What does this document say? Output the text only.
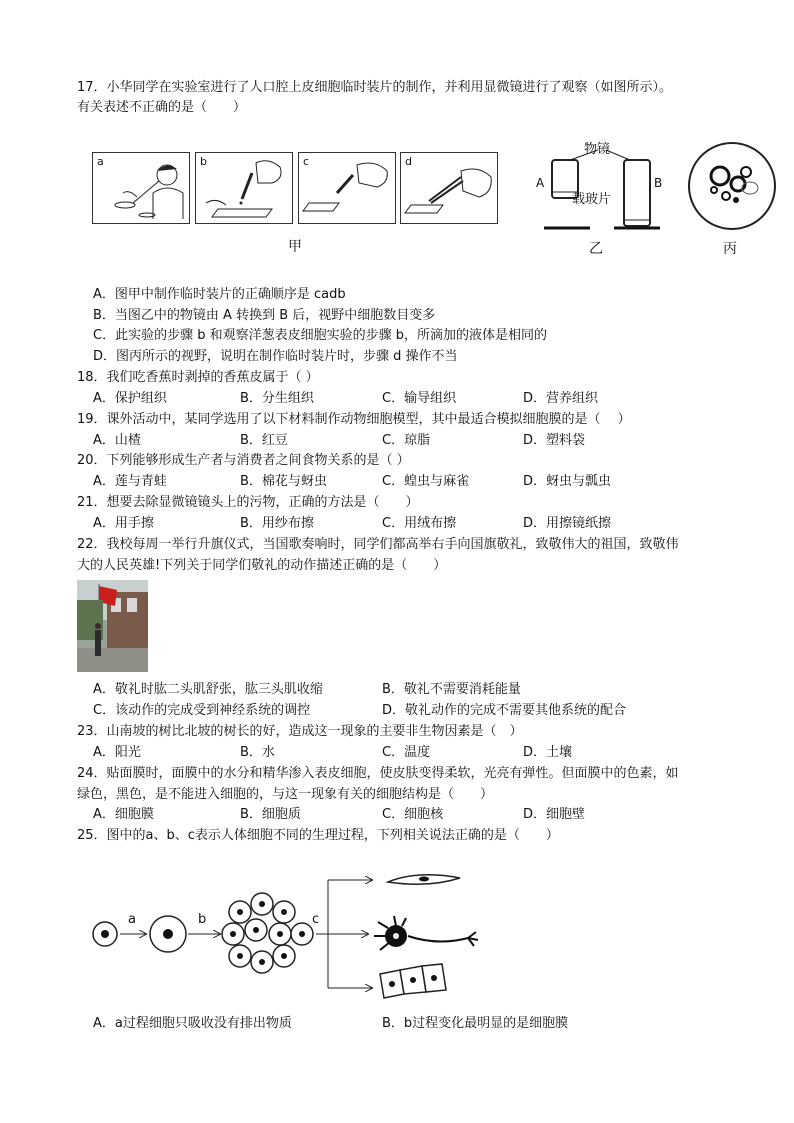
17．小华同学在实验室进行了人口腔上皮细胞临时装片的制作，并利用显微镜进行了观察（如图所示）。
有关表述不正确的是（　　）
a	b	c	d
甲
物镜
A	B
载玻片
乙	丙
A．图甲中制作临时装片的正确顺序是 cadb
B．当图乙中的物镜由 A 转换到 B 后，视野中细胞数目变多
C．此实验的步骤 b 和观察洋葱表皮细胞实验的步骤 b，所滴加的液体是相同的
D．图丙所示的视野，说明在制作临时装片时，步骤 d 操作不当
18．我们吃香蕉时剥掉的香蕉皮属于（ ）
A．保护组织	B．分生组织	C．输导组织	D．营养组织
19．课外活动中，某同学选用了以下材料制作动物细胞模型，其中最适合模拟细胞膜的是（　 ）
A．山楂	B．红豆	C．琼脂	D．塑料袋
20．下列能够形成生产者与消费者之间食物关系的是（ ）
A．莲与青蛙	B．棉花与蚜虫	C．蝗虫与麻雀	D．蚜虫与瓢虫
21．想要去除显微镜镜头上的污物，正确的方法是（　　）
A．用手擦	B．用纱布擦	C．用绒布擦	D．用擦镜纸擦
22．我校每周一举行升旗仪式，当国歌奏响时，同学们都高举右手向国旗敬礼，致敬伟大的祖国，致敬伟
大的人民英雄!下列关于同学们敬礼的动作描述正确的是（　　）
A．敬礼时肱二头肌舒张，肱三头肌收缩	B．敬礼不需要消耗能量
C．该动作的完成受到神经系统的调控	D．敬礼动作的完成不需要其他系统的配合
23．山南坡的树比北坡的树长的好，造成这一现象的主要非生物因素是（　）
A．阳光	B．水	C．温度	D．土壤
24．贴面膜时，面膜中的水分和精华渗入表皮细胞，使皮肤变得柔软，光亮有弹性。但面膜中的色素，如
绿色，黑色，是不能进入细胞的，与这一现象有关的细胞结构是（　　）
A．细胞膜	B．细胞质	C．细胞核	D．细胞壁
25．图中的a、b、c表示人体细胞不同的生理过程，下列相关说法正确的是（　　）
a	b	c
A．a过程细胞只吸收没有排出物质	B．b过程变化最明显的是细胞膜
